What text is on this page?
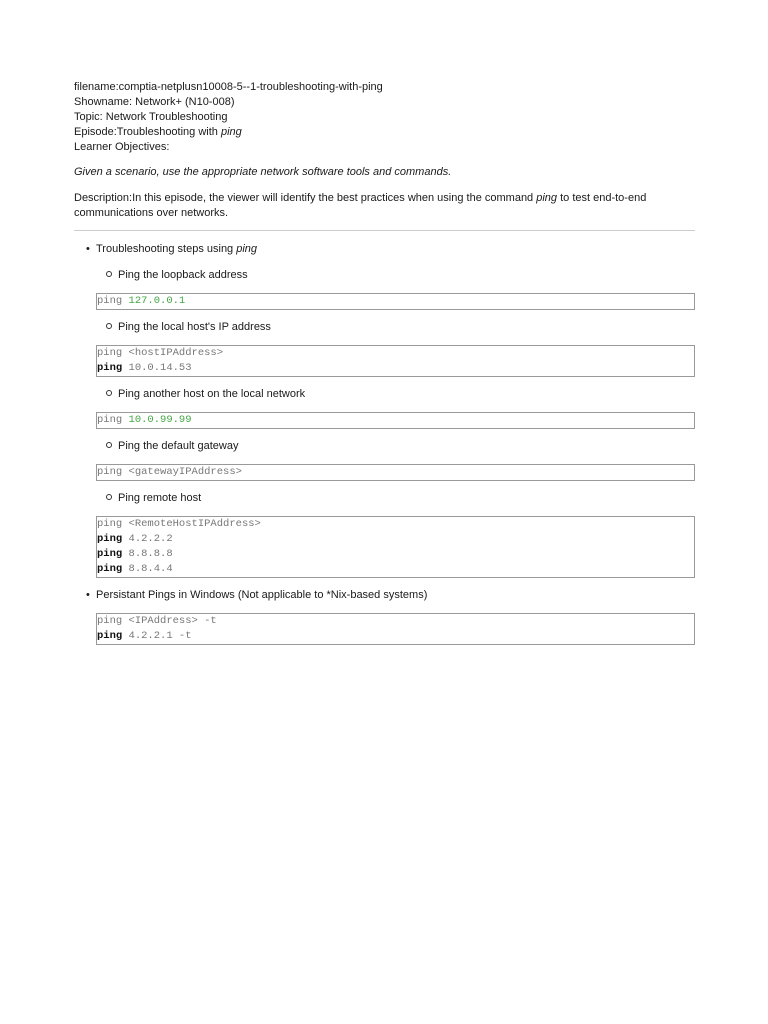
filename:comptia-netplusn10008-5--1-troubleshooting-with-ping
Showname: Network+ (N10-008)
Topic: Network Troubleshooting
Episode:Troubleshooting with ping
Learner Objectives:
Given a scenario, use the appropriate network software tools and commands.
Description:In this episode, the viewer will identify the best practices when using the command ping to test end-to-end communications over networks.
• Troubleshooting steps using ping
Ping the loopback address
ping 127.0.0.1
Ping the local host's IP address
ping <hostIPAddress>
ping 10.0.14.53
Ping another host on the local network
ping 10.0.99.99
Ping the default gateway
ping <gatewayIPAddress>
Ping remote host
ping <RemoteHostIPAddress>
ping 4.2.2.2
ping 8.8.8.8
ping 8.8.4.4
• Persistant Pings in Windows (Not applicable to *Nix-based systems)
ping <IPAddress> -t
ping 4.2.2.1 -t
